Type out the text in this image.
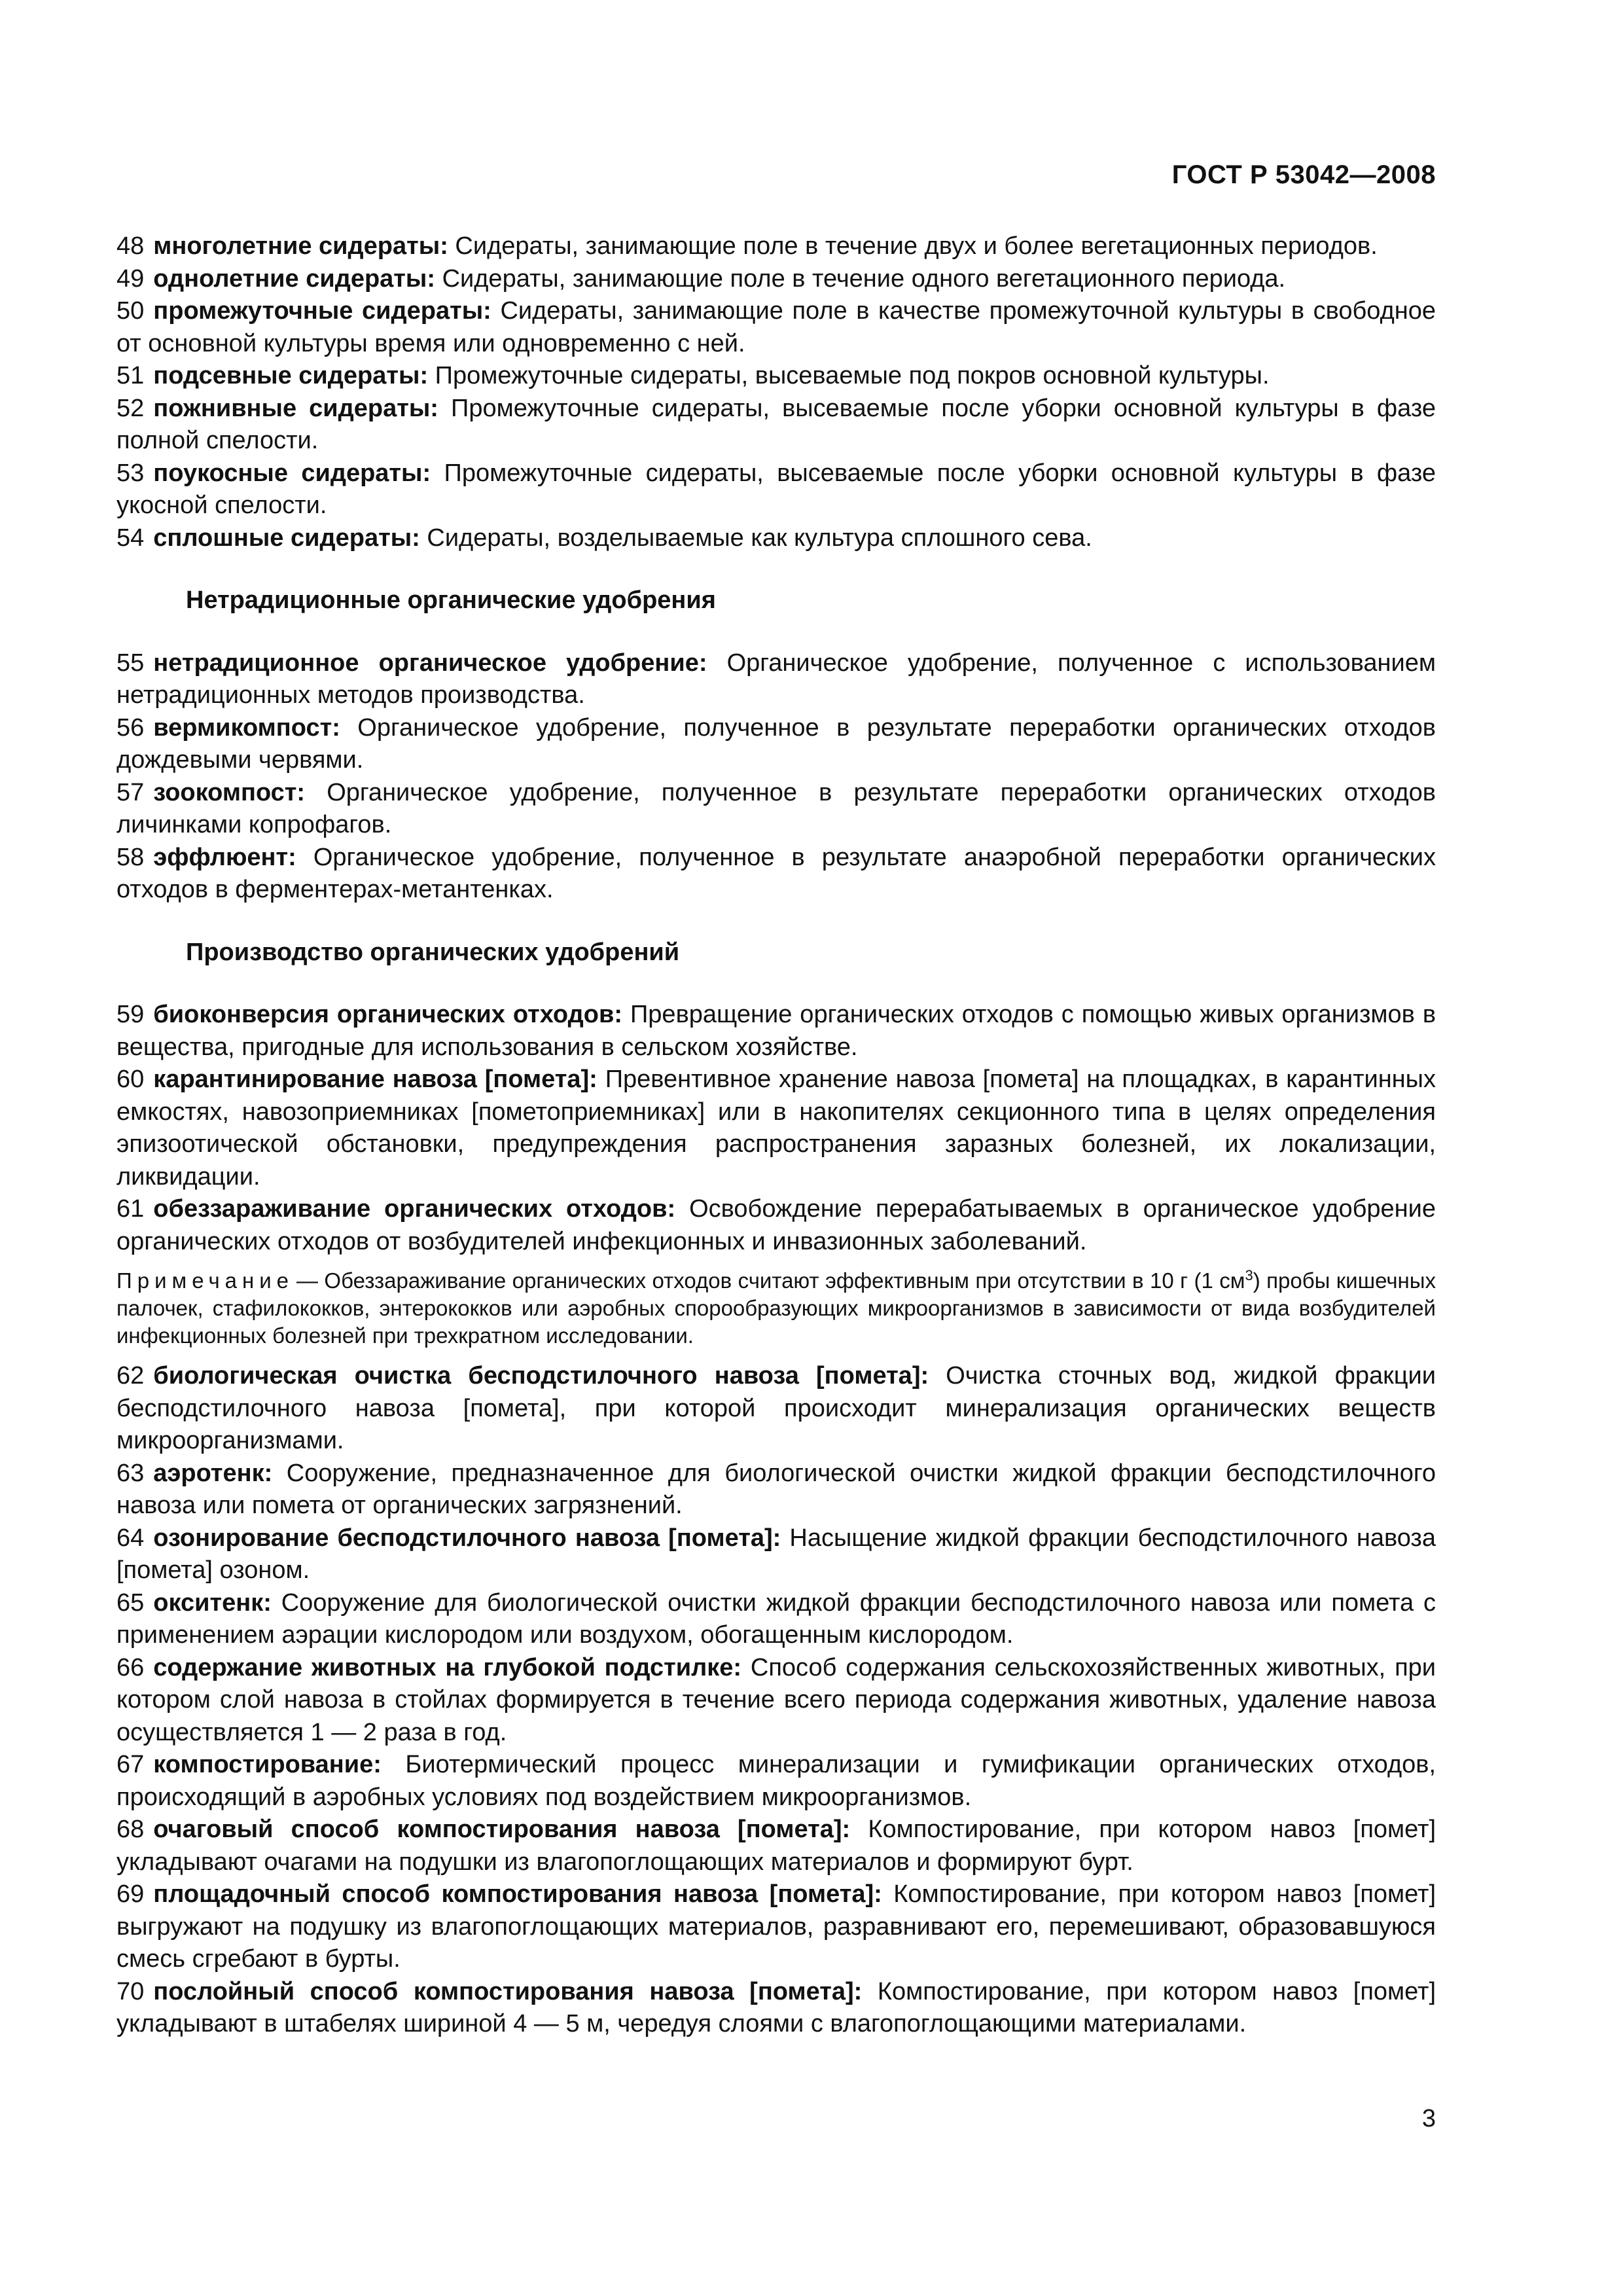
ГОСТ Р 53042—2008

48 многолетние сидераты: Сидераты, занимающие поле в течение двух и более вегетационных периодов.

49 однолетние сидераты: Сидераты, занимающие поле в течение одного вегетационного периода.

50 промежуточные сидераты: Сидераты, занимающие поле в качестве промежуточной культуры в свободное от основной культуры время или одновременно с ней.

51 подсевные сидераты: Промежуточные сидераты, высеваемые под покров основной культуры.

52 пожнивные сидераты: Промежуточные сидераты, высеваемые после уборки основной культуры в фазе полной спелости.

53 поукосные сидераты: Промежуточные сидераты, высеваемые после уборки основной культуры в фазе укосной спелости.

54 сплошные сидераты: Сидераты, возделываемые как культура сплошного сева.

Нетрадиционные органические удобрения

55 нетрадиционное органическое удобрение: Органическое удобрение, полученное с использованием нетрадиционных методов производства.

56 вермикомпост: Органическое удобрение, полученное в результате переработки органических отходов дождевыми червями.

57 зоокомпост: Органическое удобрение, полученное в результате переработки органических отходов личинками копрофагов.

58 эффлюент: Органическое удобрение, полученное в результате анаэробной переработки органических отходов в ферментерах-метантенках.

Производство органических удобрений

59 биоконверсия органических отходов: Превращение органических отходов с помощью живых организмов в вещества, пригодные для использования в сельском хозяйстве.

60 карантинирование навоза [помета]: Превентивное хранение навоза [помета] на площадках, в карантинных емкостях, навозоприемниках [пометоприемниках] или в накопителях секционного типа в целях определения эпизоотической обстановки, предупреждения распространения заразных болезней, их локализации, ликвидации.

61 обеззараживание органических отходов: Освобождение перерабатываемых в органическое удобрение органических отходов от возбудителей инфекционных и инвазионных заболеваний.

Примечание — Обеззараживание органических отходов считают эффективным при отсутствии в 10 г (1 $см^3$) пробы кишечных палочек, стафилококков, энтерококков или аэробных спорообразующих микроорганизмов в зависимости от вида возбудителей инфекционных болезней при трехкратном исследовании.

62 биологическая очистка бесподстилочного навоза [помета]: Очистка сточных вод, жидкой фракции бесподстилочного навоза [помета], при которой происходит минерализация органических веществ микроорганизмами.

63 аэротенк: Сооружение, предназначенное для биологической очистки жидкой фракции бесподстилочного навоза или помета от органических загрязнений.

64 озонирование бесподстилочного навоза [помета]: Насыщение жидкой фракции бесподстилочного навоза [помета] озоном.

65 окситенк: Сооружение для биологической очистки жидкой фракции бесподстилочного навоза или помета с применением аэрации кислородом или воздухом, обогащенным кислородом.

66 содержание животных на глубокой подстилке: Способ содержания сельскохозяйственных животных, при котором слой навоза в стойлах формируется в течение всего периода содержания животных, удаление навоза осуществляется 1 — 2 раза в год.

67 компостирование: Биотермический процесс минерализации и гумификации органических отходов, происходящий в аэробных условиях под воздействием микроорганизмов.

68 очаговый способ компостирования навоза [помета]: Компостирование, при котором навоз [помет] укладывают очагами на подушки из влагопоглощающих материалов и формируют бурт.

69 площадочный способ компостирования навоза [помета]: Компостирование, при котором навоз [помет] выгружают на подушку из влагопоглощающих материалов, разравнивают его, перемешивают, образовавшуюся смесь сгребают в бурты.

70 послойный способ компостирования навоза [помета]: Компостирование, при котором навоз [помет] укладывают в штабелях шириной 4 — 5 м, чередуя слоями с влагопоглощающими материалами.

3
